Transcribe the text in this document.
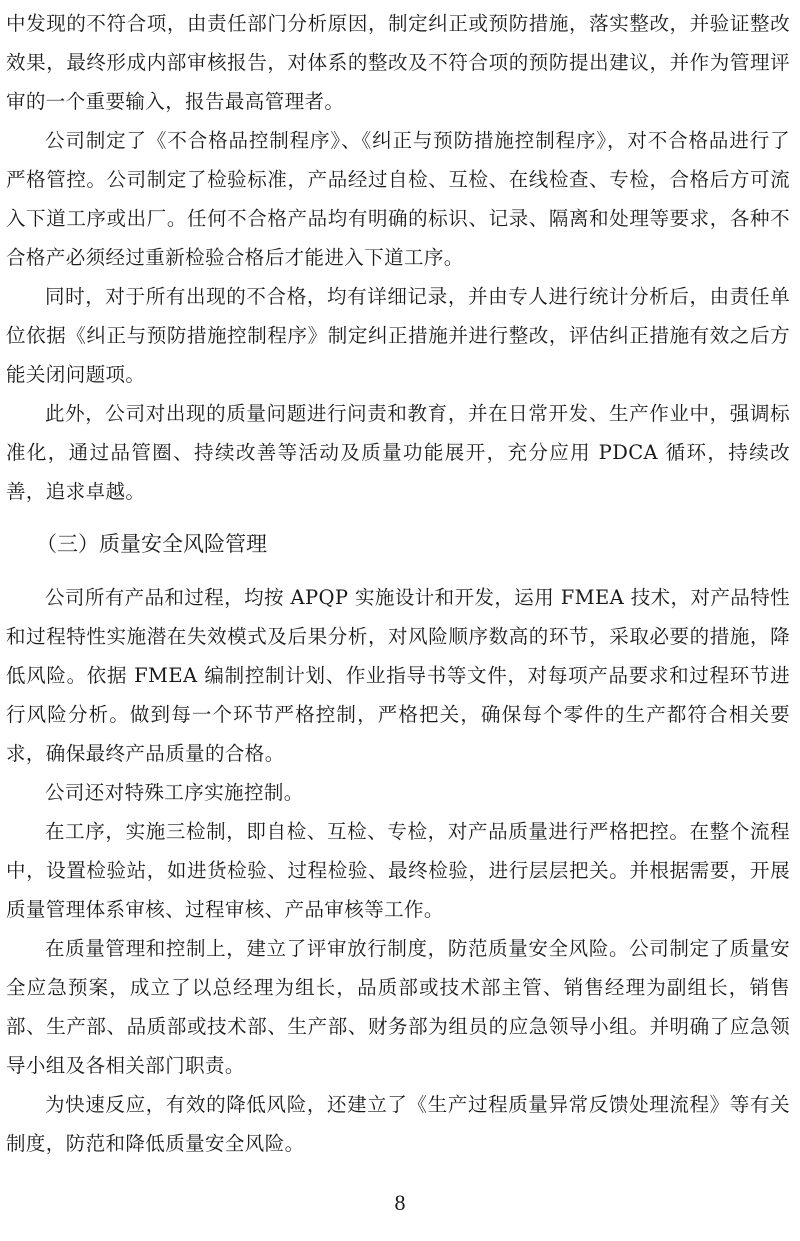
中发现的不符合项，由责任部门分析原因，制定纠正或预防措施，落实整改，并验证整改效果，最终形成内部审核报告，对体系的整改及不符合项的预防提出建议，并作为管理评审的一个重要输入，报告最高管理者。

公司制定了《不合格品控制程序》、《纠正与预防措施控制程序》，对不合格品进行了严格管控。公司制定了检验标准，产品经过自检、互检、在线检查、专检，合格后方可流入下道工序或出厂。任何不合格产品均有明确的标识、记录、隔离和处理等要求，各种不合格产必须经过重新检验合格后才能进入下道工序。

同时，对于所有出现的不合格，均有详细记录，并由专人进行统计分析后，由责任单位依据《纠正与预防措施控制程序》制定纠正措施并进行整改，评估纠正措施有效之后方能关闭问题项。

此外，公司对出现的质量问题进行问责和教育，并在日常开发、生产作业中，强调标准化，通过品管圈、持续改善等活动及质量功能展开，充分应用 PDCA 循环，持续改善，追求卓越。

（三）质量安全风险管理

公司所有产品和过程，均按 APQP 实施设计和开发，运用 FMEA 技术，对产品特性和过程特性实施潜在失效模式及后果分析，对风险顺序数高的环节，采取必要的措施，降低风险。依据 FMEA 编制控制计划、作业指导书等文件，对每项产品要求和过程环节进行风险分析。做到每一个环节严格控制，严格把关，确保每个零件的生产都符合相关要求，确保最终产品质量的合格。

公司还对特殊工序实施控制。

在工序，实施三检制，即自检、互检、专检，对产品质量进行严格把控。在整个流程中，设置检验站，如进货检验、过程检验、最终检验，进行层层把关。并根据需要，开展质量管理体系审核、过程审核、产品审核等工作。

在质量管理和控制上，建立了评审放行制度，防范质量安全风险。公司制定了质量安全应急预案，成立了以总经理为组长，品质部或技术部主管、销售经理为副组长，销售部、生产部、品质部或技术部、生产部、财务部为组员的应急领导小组。并明确了应急领导小组及各相关部门职责。

为快速反应，有效的降低风险，还建立了《生产过程质量异常反馈处理流程》等有关制度，防范和降低质量安全风险。

8
